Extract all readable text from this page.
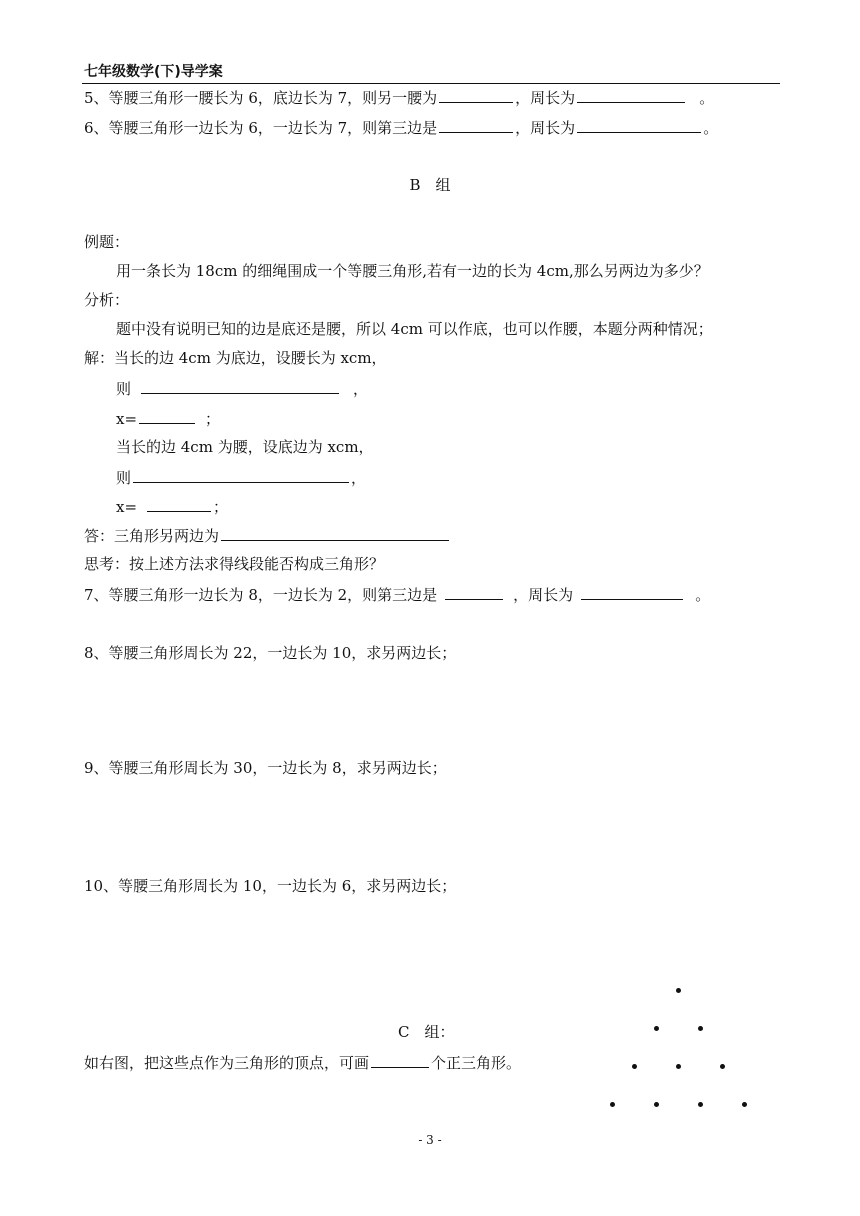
七年级数学(下)导学案
5、等腰三角形一腰长为 6，底边长为 7，则另一腰为	，周长为	。
6、等腰三角形一边长为 6，一边长为 7，则第三边是	，周长为	。
B　组
例题：
用一条长为 18cm 的细绳围成一个等腰三角形,若有一边的长为 4cm,那么另两边为多少？
分析：
题中没有说明已知的边是底还是腰，所以 4cm 可以作底，也可以作腰，本题分两种情况；
解：当长的边 4cm 为底边，设腰长为 xcm，
则	，
x=	；
当长的边 4cm 为腰，设底边为 xcm，
则	，
x=	；
答：三角形另两边为
思考：按上述方法求得线段能否构成三角形？
7、等腰三角形一边长为 8，一边长为 2，则第三边是	，周长为	。
8、等腰三角形周长为 22，一边长为 10，求另两边长；
9、等腰三角形周长为 30，一边长为 8，求另两边长；
10、等腰三角形周长为 10，一边长为 6，求另两边长；
C　组：
如右图，把这些点作为三角形的顶点，可画	个正三角形。
- 3 -
